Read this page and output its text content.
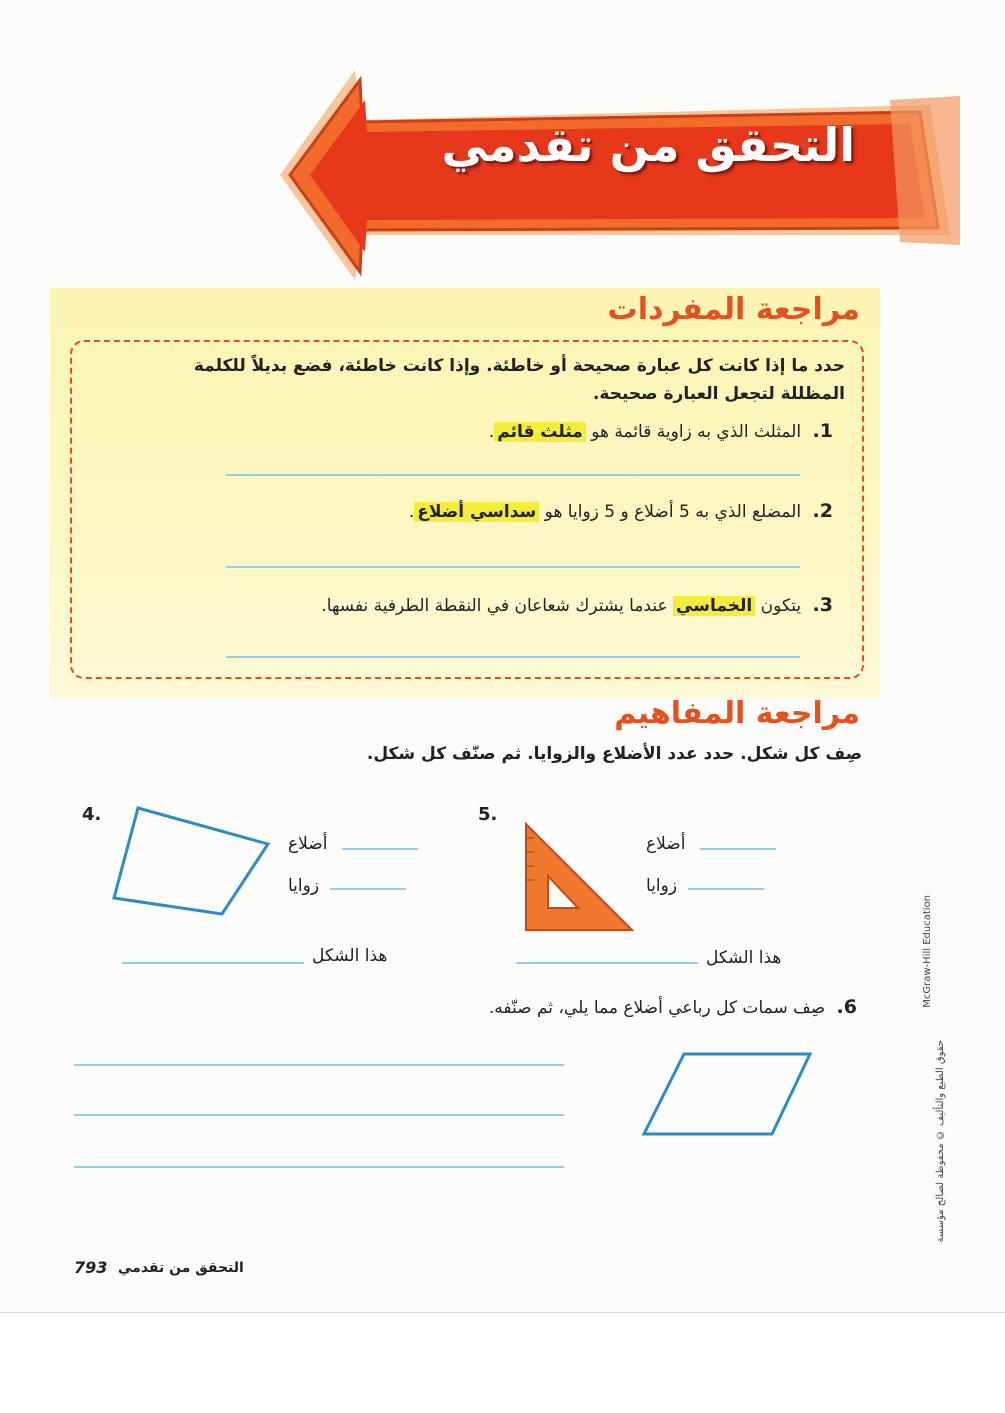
التحقق من تقدمي
مراجعة المفردات
حدد ما إذا كانت كل عبارة صحيحة أو خاطئة. وإذا كانت خاطئة، فضع بديلاً للكلمة
المظللة لتجعل العبارة صحيحة.
1. المثلث الذي به زاوية قائمة هو مثلث قائم.
2. المضلع الذي به 5 أضلاع و 5 زوايا هو سداسي أضلاع.
3. يتكون الخماسي عندما يشترك شعاعان في النقطة الطرفية نفسها.
مراجعة المفاهيم
صِف كل شكل. حدد عدد الأضلاع والزوايا. ثم صنّف كل شكل.
4.
أضلاع
زوايا
هذا الشكل
5.
أضلاع
زوايا
هذا الشكل
6. صِف سمات كل رباعي أضلاع مما يلي، ثم صنّفه.
McGraw-Hill Education
حقوق الطبع والتأليف © محفوظة لصالح مؤسسة
793 التحقق من تقدمي
